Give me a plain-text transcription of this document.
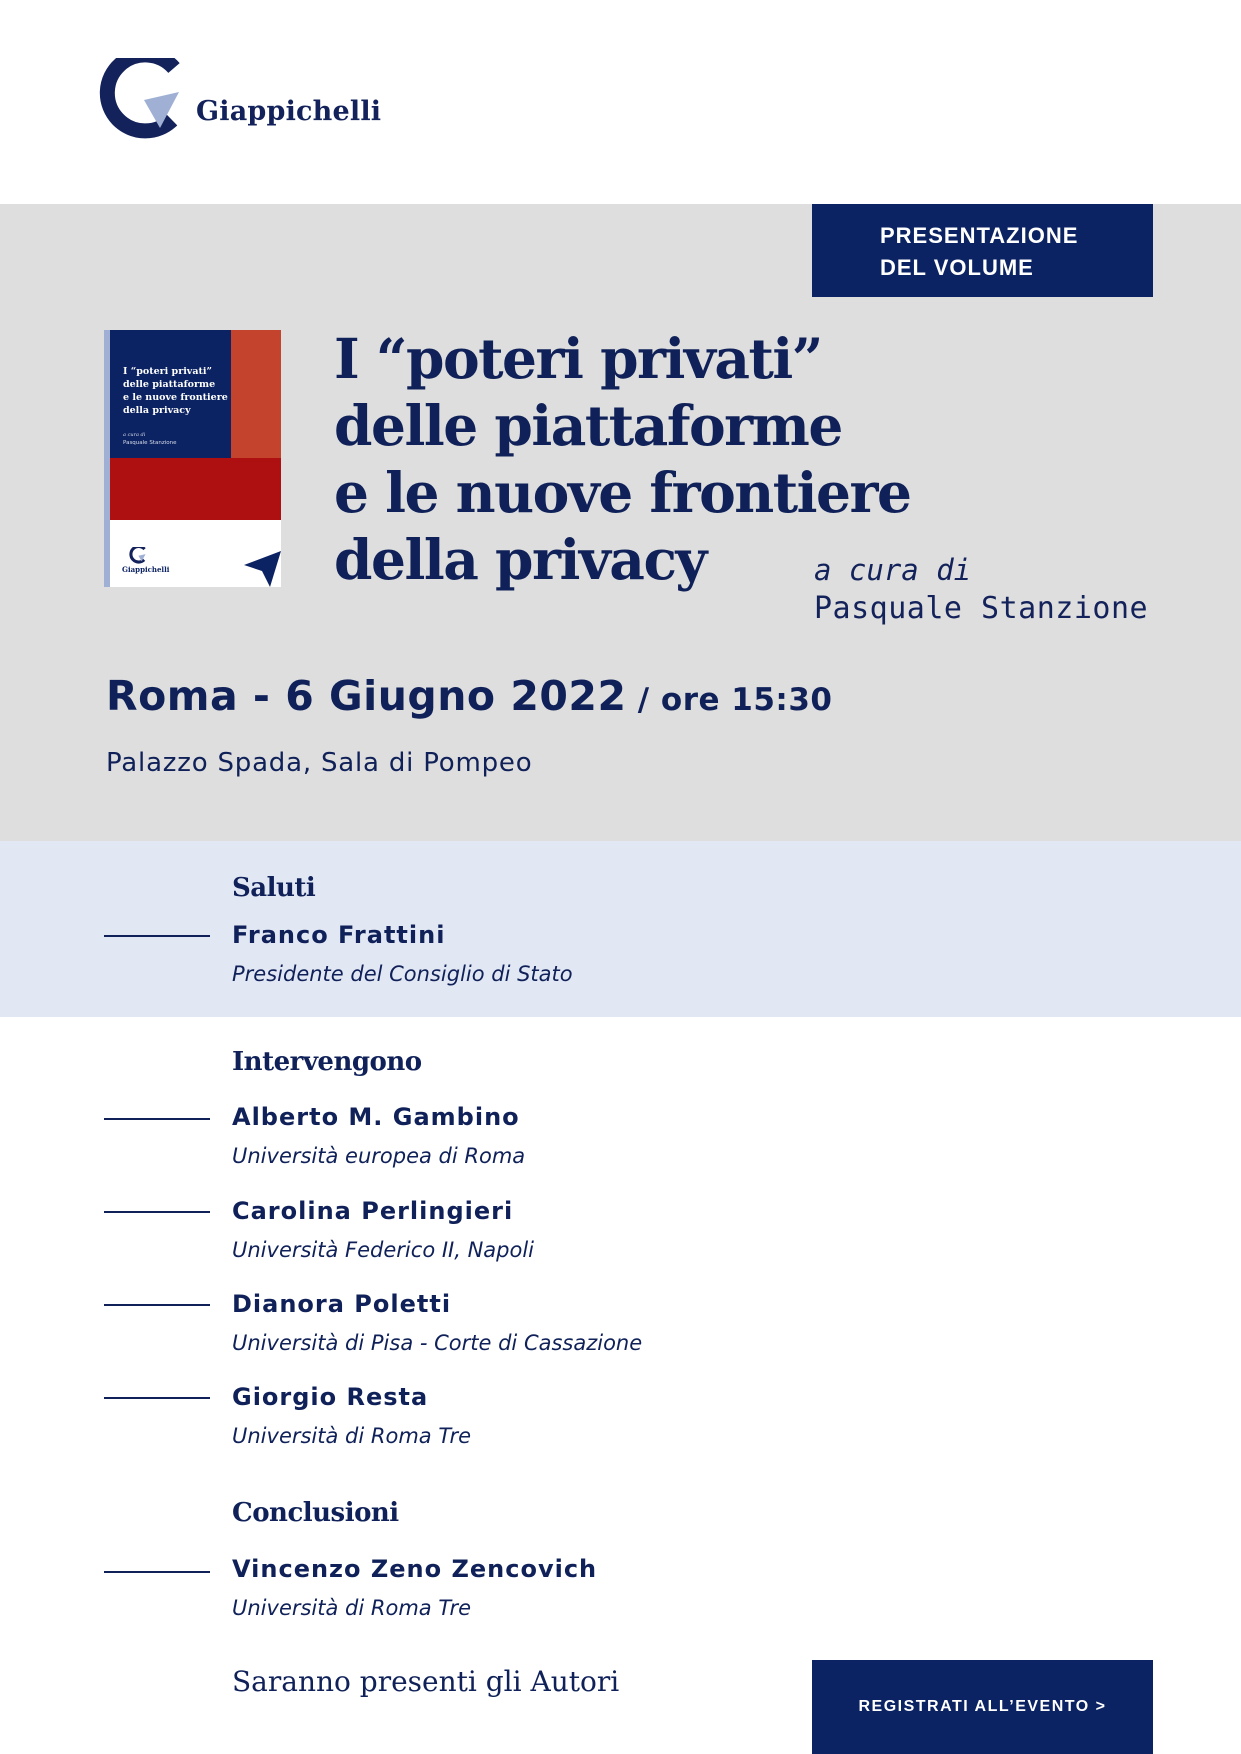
Giappichelli
PRESENTAZIONE
DEL VOLUME
I “poteri privati”
delle piattaforme
e le nuove frontiere
della privacy
a cura di
Pasquale Stanzione
Giappichelli
I “poteri privati”
delle piattaforme
e le nuove frontiere
della privacy	a cura di
Pasquale Stanzione
Roma - 6 Giugno 2022 / ore 15:30
Palazzo Spada, Sala di Pompeo
Saluti
Franco Frattini
Presidente del Consiglio di Stato
Intervengono
Alberto M. Gambino
Università europea di Roma
Carolina Perlingieri
Università Federico II, Napoli
Dianora Poletti
Università di Pisa - Corte di Cassazione
Giorgio Resta
Università di Roma Tre
Conclusioni
Vincenzo Zeno Zencovich
Università di Roma Tre
Saranno presenti gli Autori
REGISTRATI ALL’EVENTO >
